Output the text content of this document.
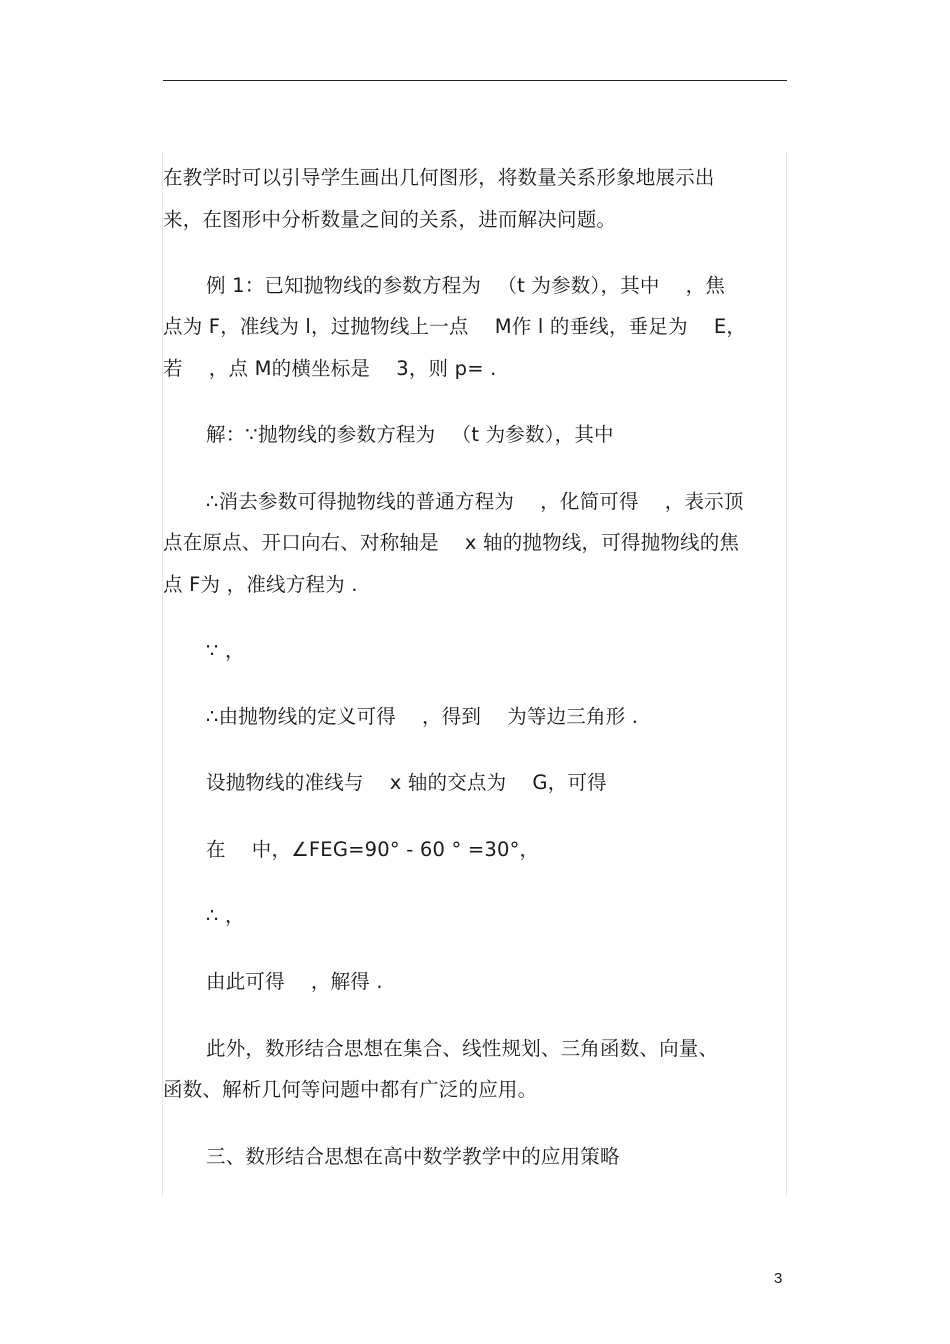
在教学时可以引导学生画出几何图形，将数量关系形象地展示出
来，在图形中分析数量之间的关系，进而解决问题。
例 1：已知抛物线的参数方程为 　（t 为参数），其中 　，焦
点为 F，准线为 l，过抛物线上一点 　M作 l 的垂线，垂足为 　E，
若 　，点 M的横坐标是 　3，则 p= .
解：∵抛物线的参数方程为 　（t 为参数），其中
∴消去参数可得抛物线的普通方程为 　，化简可得 　，表示顶
点在原点、开口向右、对称轴是 　x 轴的抛物线，可得抛物线的焦
点 F为 ，准线方程为 .
∵ ，
∴由抛物线的定义可得 　，得到 　为等边三角形 .
设抛物线的准线与 　x 轴的交点为 　G，可得
在 　中，∠FEG=90° - 60 ° =30°，
∴ ，
由此可得 　，解得 .
此外，数形结合思想在集合、线性规划、三角函数、向量、
函数、解析几何等问题中都有广泛的应用。
三、数形结合思想在高中数学教学中的应用策略
3
